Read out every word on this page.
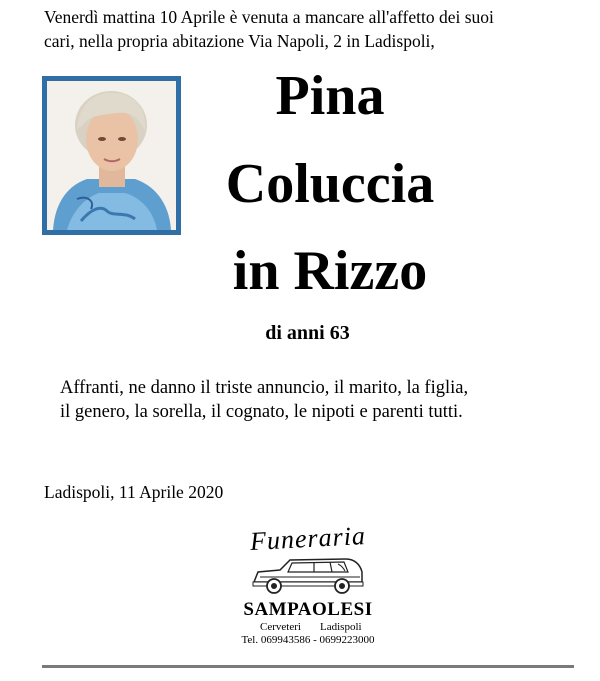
Venerdì mattina 10 Aprile è venuta a mancare all'affetto dei suoi
cari, nella propria abitazione Via Napoli, 2 in Ladispoli,
Pina
Coluccia
in Rizzo
di anni 63
Affranti, ne danno il triste annuncio, il marito, la figlia,
il genero, la sorella, il cognato, le nipoti e parenti tutti.
Ladispoli, 11 Aprile 2020
Funeraria
SAMPAOLESI
Cerveteri Ladispoli
Tel. 069943586 - 0699223000
